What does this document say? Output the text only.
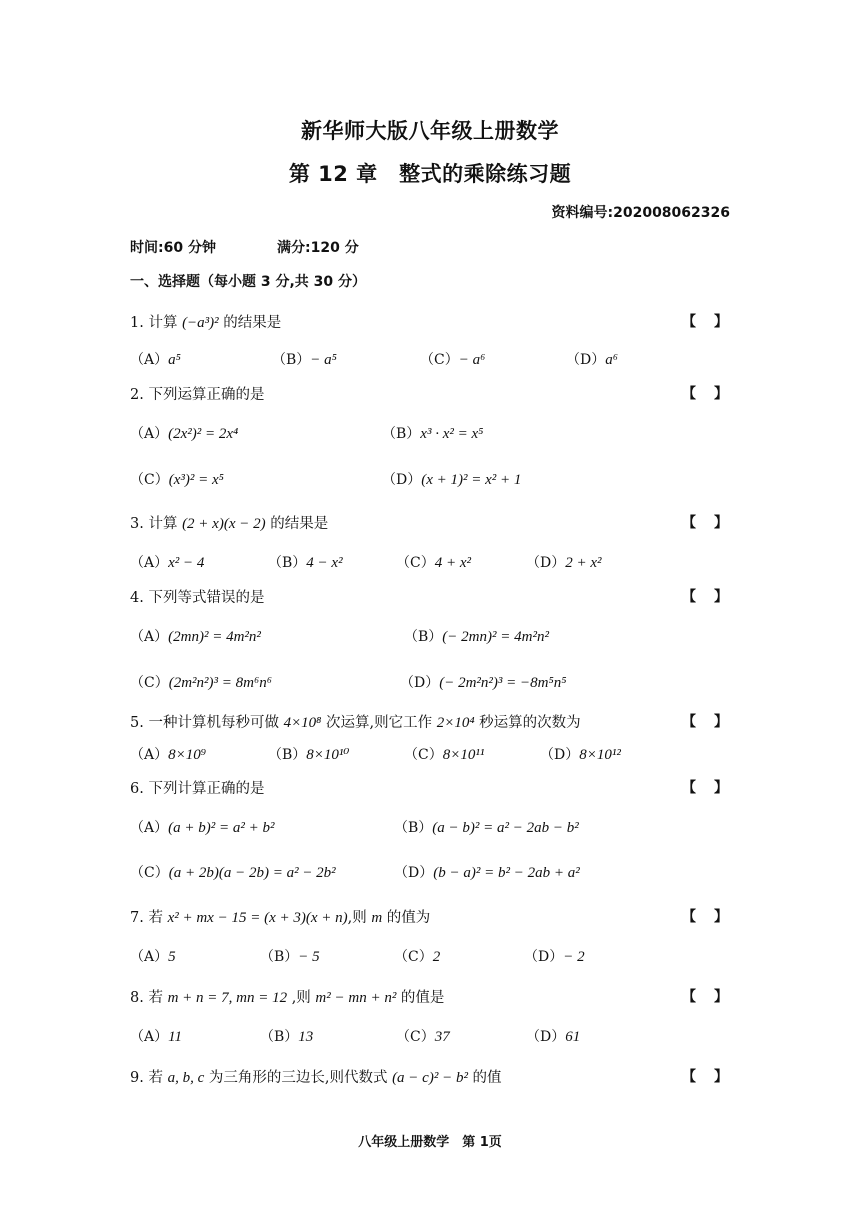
新华师大版八年级上册数学
第 12 章　整式的乘除练习题
资料编号:202008062326
时间:60 分钟	满分:120 分
一、选择题（每小题 3 分,共 30 分）
1. 计算 (−a³)² 的结果是	【】
（A）a⁵	（B）− a⁵	（C）− a⁶	（D）a⁶
2. 下列运算正确的是	【】
（A）(2x²)² = 2x⁴	（B）x³ · x² = x⁵
（C）(x³)² = x⁵	（D）(x + 1)² = x² + 1
3. 计算 (2 + x)(x − 2) 的结果是	【】
（A）x² − 4	（B）4 − x²	（C）4 + x²	（D）2 + x²
4. 下列等式错误的是	【】
（A）(2mn)² = 4m²n²	（B）(− 2mn)² = 4m²n²
（C）(2m²n²)³ = 8m⁶n⁶	（D）(− 2m²n²)³ = −8m⁵n⁵
5. 一种计算机每秒可做 4×10⁸ 次运算,则它工作 2×10⁴ 秒运算的次数为	【】
（A）8×10⁹	（B）8×10¹⁰	（C）8×10¹¹	（D）8×10¹²
6. 下列计算正确的是	【】
（A）(a + b)² = a² + b²	（B）(a − b)² = a² − 2ab − b²
（C）(a + 2b)(a − 2b) = a² − 2b²	（D）(b − a)² = b² − 2ab + a²
7. 若 x² + mx − 15 = (x + 3)(x + n),则 m 的值为	【】
（A）5	（B）− 5	（C）2	（D）− 2
8. 若 m + n = 7, mn = 12 ,则 m² − mn + n² 的值是	【】
（A）11	（B）13	（C）37	（D）61
9. 若 a, b, c 为三角形的三边长,则代数式 (a − c)² − b² 的值	【】
八年级上册数学　第 1页
